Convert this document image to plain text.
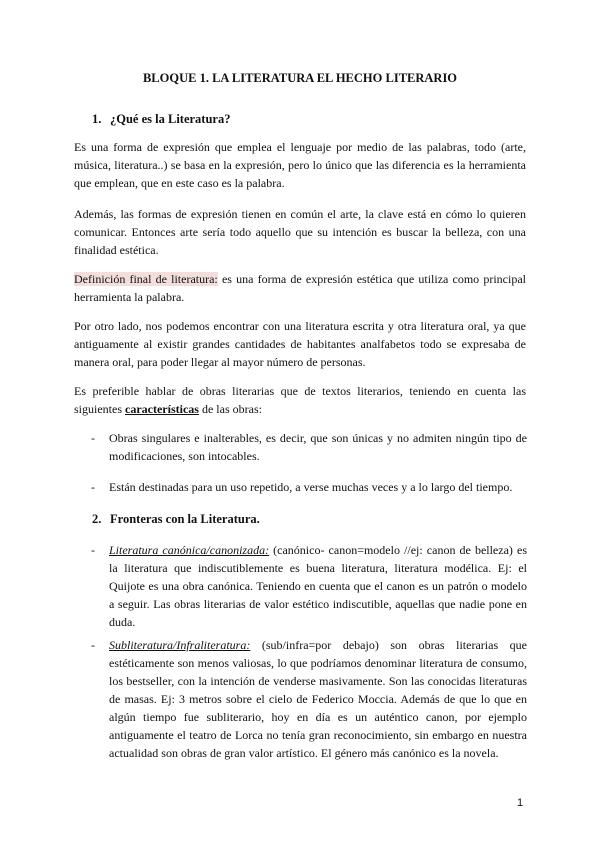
BLOQUE 1. LA LITERATURA EL HECHO LITERARIO
1. ¿Qué es la Literatura?
Es una forma de expresión que emplea el lenguaje por medio de las palabras, todo (arte, música, literatura..) se basa en la expresión, pero lo único que las diferencia es la herramienta que emplean, que en este caso es la palabra.
Además, las formas de expresión tienen en común el arte, la clave está en cómo lo quieren comunicar. Entonces arte sería todo aquello que su intención es buscar la belleza, con una finalidad estética.
Definición final de literatura: es una forma de expresión estética que utiliza como principal herramienta la palabra.
Por otro lado, nos podemos encontrar con una literatura escrita y otra literatura oral, ya que antiguamente al existir grandes cantidades de habitantes analfabetos todo se expresaba de manera oral, para poder llegar al mayor número de personas.
Es preferible hablar de obras literarias que de textos literarios, teniendo en cuenta las siguientes características de las obras:
- Obras singulares e inalterables, es decir, que son únicas y no admiten ningún tipo de modificaciones, son intocables.
- Están destinadas para un uso repetido, a verse muchas veces y a lo largo del tiempo.
2. Fronteras con la Literatura.
- Literatura canónica/canonizada: (canónico- canon=modelo //ej: canon de belleza) es la literatura que indiscutiblemente es buena literatura, literatura modélica. Ej: el Quijote es una obra canónica. Teniendo en cuenta que el canon es un patrón o modelo a seguir. Las obras literarias de valor estético indiscutible, aquellas que nadie pone en duda.
- Subliteratura/Infraliteratura: (sub/infra=por debajo) son obras literarias que estéticamente son menos valiosas, lo que podríamos denominar literatura de consumo, los bestseller, con la intención de venderse masivamente. Son las conocidas literaturas de masas. Ej: 3 metros sobre el cielo de Federico Moccia. Además de que lo que en algún tiempo fue subliterario, hoy en día es un auténtico canon, por ejemplo antiguamente el teatro de Lorca no tenía gran reconocimiento, sin embargo en nuestra actualidad son obras de gran valor artístico. El género más canónico es la novela.
1
